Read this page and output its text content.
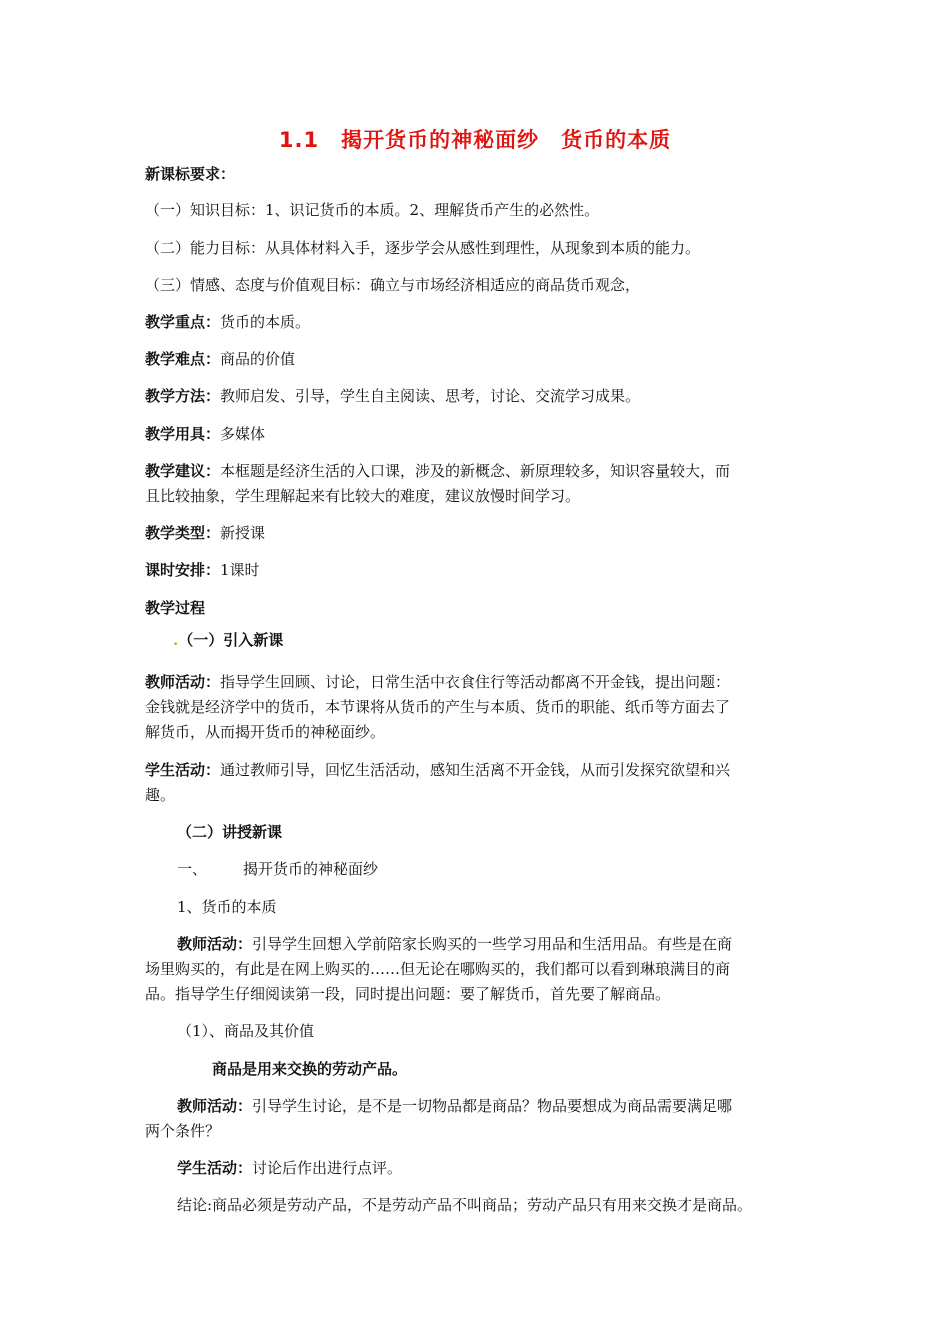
1.1　揭开货币的神秘面纱　货币的本质
新课标要求：
（一）知识目标：1、识记货币的本质。2、理解货币产生的必然性。
（二）能力目标：从具体材料入手，逐步学会从感性到理性，从现象到本质的能力。
（三）情感、态度与价值观目标：确立与市场经济相适应的商品货币观念，
教学重点：货币的本质。
教学难点：商品的价值
教学方法：教师启发、引导，学生自主阅读、思考，讨论、交流学习成果。
教学用具：多媒体
教学建议：本框题是经济生活的入口课，涉及的新概念、新原理较多，知识容量较大，而
且比较抽象，学生理解起来有比较大的难度，建议放慢时间学习。
教学类型：新授课
课时安排：1课时
教学过程
.（一）引入新课
教师活动：指导学生回顾、讨论，日常生活中衣食住行等活动都离不开金钱，提出问题：
金钱就是经济学中的货币，本节课将从货币的产生与本质、货币的职能、纸币等方面去了
解货币，从而揭开货币的神秘面纱。
学生活动：通过教师引导，回忆生活活动，感知生活离不开金钱，从而引发探究欲望和兴
趣。
（二）讲授新课
一、 揭开货币的神秘面纱
1、货币的本质
教师活动：引导学生回想入学前陪家长购买的一些学习用品和生活用品。有些是在商
场里购买的，有此是在网上购买的……但无论在哪购买的，我们都可以看到琳琅满目的商
品。指导学生仔细阅读第一段，同时提出问题：要了解货币，首先要了解商品。
（1）、商品及其价值
商品是用来交换的劳动产品。
教师活动：引导学生讨论，是不是一切物品都是商品？物品要想成为商品需要满足哪
两个条件？
学生活动：讨论后作出进行点评。
结论:商品必须是劳动产品，不是劳动产品不叫商品；劳动产品只有用来交换才是商品。
